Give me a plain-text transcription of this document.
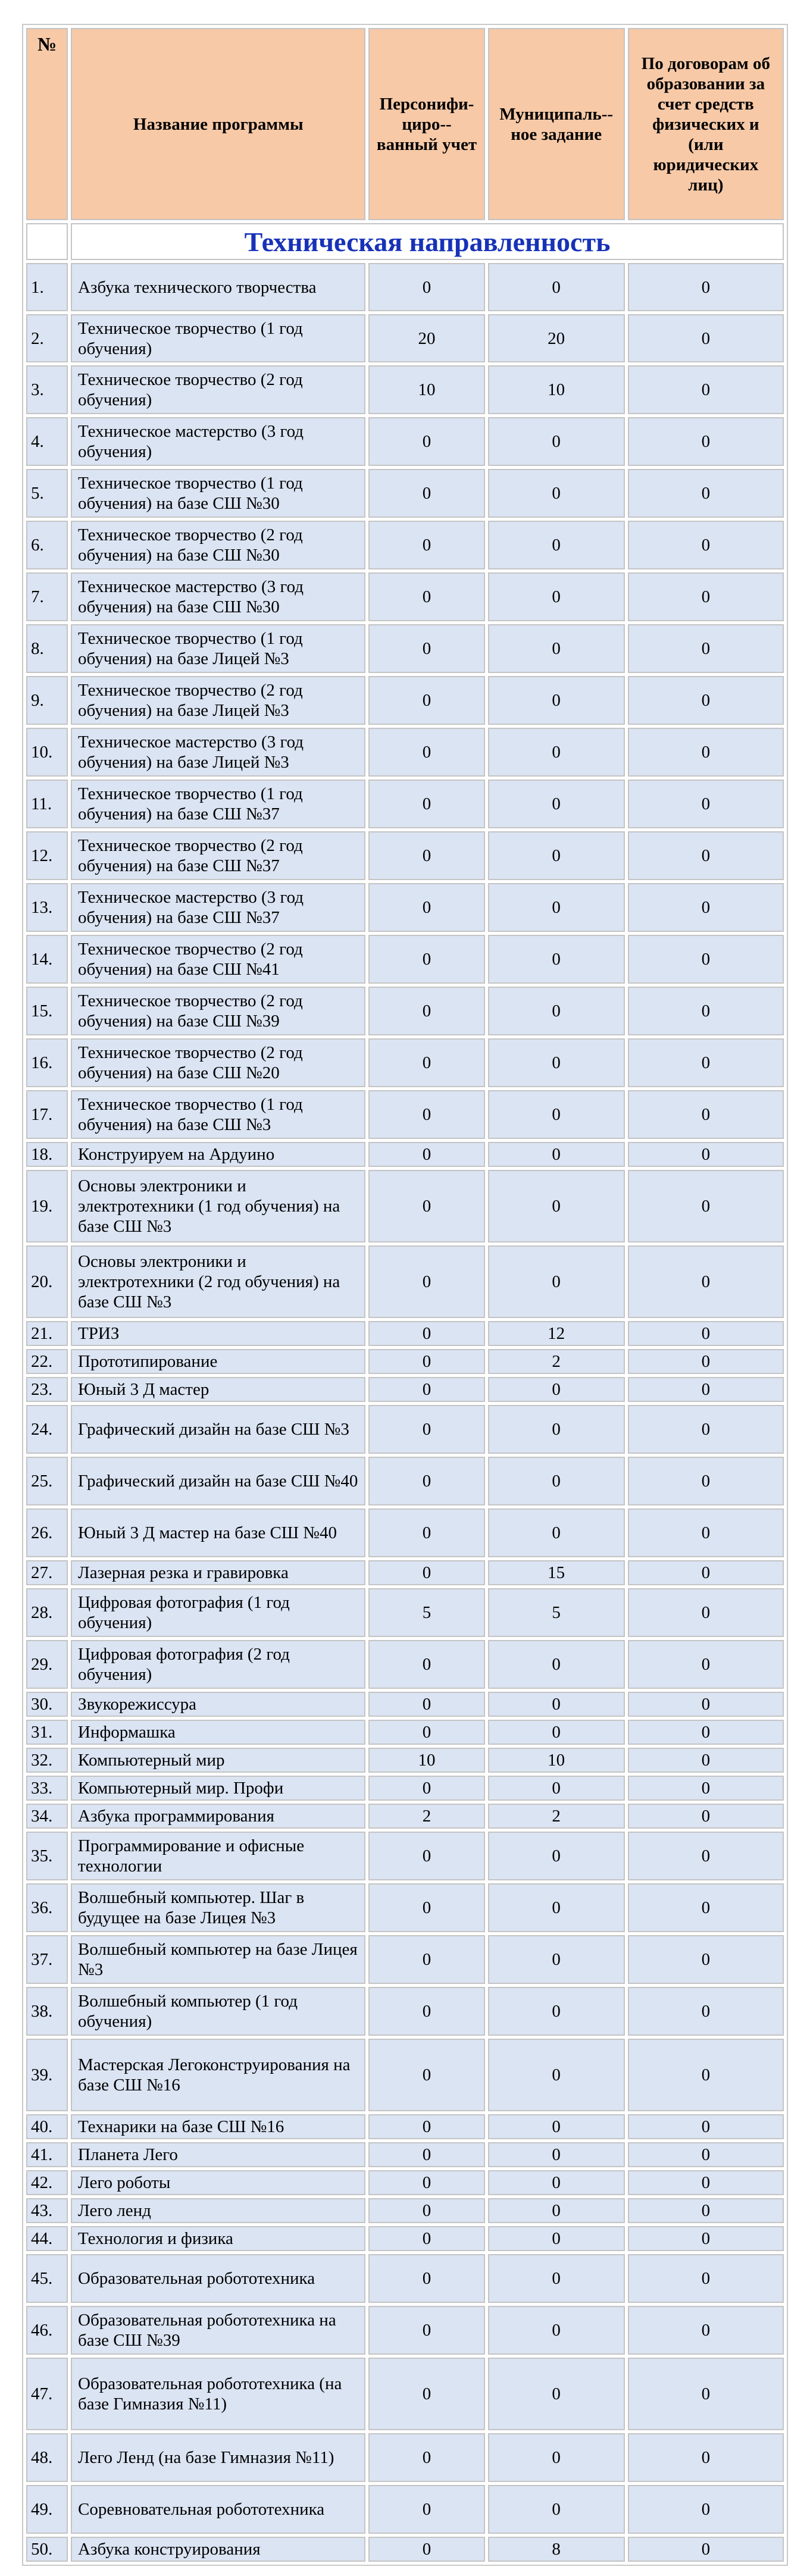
№	Название программы	Персонифициро-ванный учет	Муниципаль-ное задание	По договорам об образовании за счет средств физических и (или юридических лиц)
	Техническая направленность			
1.	Азбука технического творчества	0	0	0
2.	Техническое творчество (1 год обучения)	20	20	0
3.	Техническое творчество (2 год обучения)	10	10	0
4.	Техническое мастерство (3 год обучения)	0	0	0
5.	Техническое творчество (1 год обучения) на базе СШ №30	0	0	0
6.	Техническое творчество (2 год обучения) на базе СШ №30	0	0	0
7.	Техническое мастерство (3 год обучения) на базе СШ №30	0	0	0
8.	Техническое творчество (1 год обучения) на базе Лицей №3	0	0	0
9.	Техническое творчество (2 год обучения) на базе Лицей №3	0	0	0
10.	Техническое мастерство (3 год обучения) на базе Лицей №3	0	0	0
11.	Техническое творчество (1 год обучения) на базе СШ №37	0	0	0
12.	Техническое творчество (2 год обучения) на базе СШ №37	0	0	0
13.	Техническое мастерство (3 год обучения) на базе СШ №37	0	0	0
14.	Техническое творчество (2 год обучения) на базе СШ №41	0	0	0
15.	Техническое творчество (2 год обучения) на базе СШ №39	0	0	0
16.	Техническое творчество (2 год обучения) на базе СШ №20	0	0	0
17.	Техническое творчество (1 год обучения) на базе СШ №3	0	0	0
18.	Конструируем на Ардуино	0	0	0
19.	Основы электроники и электротехники (1 год обучения) на базе СШ №3	0	0	0
20.	Основы электроники и электротехники (2 год обучения) на базе СШ №3	0	0	0
21.	ТРИЗ	0	12	0
22.	Прототипирование	0	2	0
23.	Юный 3 Д мастер	0	0	0
24.	Графический дизайн на базе СШ №3	0	0	0
25.	Графический дизайн на базе СШ №40	0	0	0
26.	Юный 3 Д мастер на базе СШ №40	0	0	0
27.	Лазерная резка и гравировка	0	15	0
28.	Цифровая фотография (1 год обучения)	5	5	0
29.	Цифровая фотография (2 год обучения)	0	0	0
30.	Звукорежиссура	0	0	0
31.	Информашка	0	0	0
32.	Компьютерный мир	10	10	0
33.	Компьютерный мир. Профи	0	0	0
34.	Азбука программирования	2	2	0
35.	Программирование и офисные технологии	0	0	0
36.	Волшебный компьютер. Шаг в будущее на базе Лицея №3	0	0	0
37.	Волшебный компьютер на базе Лицея №3	0	0	0
38.	Волшебный компьютер (1 год обучения)	0	0	0
39.	Мастерская Легоконструирования на базе СШ №16	0	0	0
40.	Технарики на базе СШ №16	0	0	0
41.	Планета Лего	0	0	0
42.	Лего роботы	0	0	0
43.	Лего ленд	0	0	0
44.	Технология и физика	0	0	0
45.	Образовательная робототехника	0	0	0
46.	Образовательная робототехника на базе СШ №39	0	0	0
47.	Образовательная робототехника (на базе Гимназия №11)	0	0	0
48.	Лего Ленд (на базе Гимназия №11)	0	0	0
49.	Соревновательная робототехника	0	0	0
50.	Азбука конструирования	0	8	0
